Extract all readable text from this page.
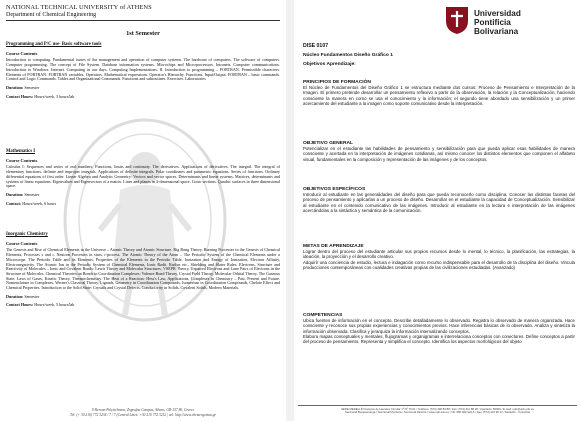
NATIONAL TECHNICAL UNIVERSITY of ATHENS
Department of Chemical Engineering
1st Semester
Programming and P/C use- Basic software tools
Course Contents
Introduction to computing. Fundamental issues of the management and operation of computer systems. The hardware of computers. The software of computers. Computer programming. The concept of File System. Database information systems. Microchips and Microprocessors. Intranets. Computer communications. Introduction to Windows. Internet. Computing in our days. Computing Implementations. II. Introduction to programming – FORTRAN. Permissible characters. Elements of FORTRAN. FORTRAN variables. Operators. Mathematical expressions. Operator's Hierarchy. Functions. Input/Output. FORTRAN – basic commands. Control and Logic Commands. Tables and Organizational Commands. Functions and subroutines. Exercises. Laboratories
Duration: Semester
Contact Hours: Hours/week, 3 hours/lab
Mathematics I
Course Contents
Calculus I: Sequences and series of real numbers. Functions, limits and continuity. The derivatives. Applications of derivatives. The integral. The integral of elementary functions, definite and improper integrals. Applications of definite integrals. Polar coordinates and parametric equations. Series of functions. Ordinary differential equations of first order. Linear Algebra and Analytic Geometry: Vectors and vector spaces. Determinants and linear systems. Matrices, determinants and systems of linear equations. Eigenvalues and Eigenvectors of a matrix. Lines and planes in 3-dimensional space. Conic sections. Quadric surfaces in three dimensional space.
Duration: Semester
Contact: Hours/week, 6 hours
Inorganic Chemistry
Course Contents
The Genesis and Rise of Chemical Elements in the Universe – Atomic Theory and Atomic Structure. Big Bang Theory, Burning Processes in the Genesis of Chemical Elements, Processes s and r, Neutron Processes in stars, r-process. The Atomic Theory of the Atom – The Periodic System of the Chemical Elements under a Microscope. The Periodic Table and its Elements, Properties of the Elements in the Periodic Table, Ionization and Energy of Ionization, Electron Affinity, Electronegativity. The Atomic Ion in the Periodic System of Chemical Elements, Ionic Radii. Radius etc., Shielding and Slater Rules. Electrons, Structure and Reactivity of Molecules – Ionic and Covalent Bonds: Lewis Theory and Molecular Structures, VSEPR Theory, Unpaired Electrons and Lone Pairs of Electrons in the Structure of Molecules. Chemical Theories on Bonds in Coordination Complexes: Valence Bond Theory, Crystal Field Theory, Molecular Orbital Theory. The Gaseous State: Laws of Gases, Kinetic Theory, Thermochemistry. The Heat of a Reaction: Hess's Law, Applications, Complexes in Chemistry – Past, Present and Future. Nomenclature in Complexes, Werner's Classical Theory, Ligands, Geometry in Coordination Compounds, Isomerism in Coordination Compounds, Chelate Effect and Chemical Properties. Introduction to the Solid State: Crystals and Crystal Defects, Conductivity in Solids, Covalent Solids, Modern Materials.
Duration: Semester
Contact Hours: Hours/week, 5 hours/lab
9 Heroon Polytechniou, Zografou Campus, Athens, GR-157 80, Greece
Tel: (+ 30 210) 772 3234 / 7 / 7 (Central Lines: +30 210 772 3212 | url: http://www.chemeng.ntua.gr
Universidad
Pontificia
Bolivariana
DISE 0107
Núcleo Fundamentos Diseño Gráfico 1
Objetivos Aprendizaje:
PRINCIPIOS DE FORMACIÓN
El Núcleo de Fundamentos del Diseño Gráfico 1 se estructura mediante dos cursos: Proceso de Pensamiento e Interpretación de la Imagen. El primero pretende desarrollar un pensamiento reflexivo a partir de la observación, la relación y la Conceptualización, haciendo consciente la manera en como se usa el conocimiento y la información; el segundo tiene abordado una sensibilización y un primer acercamiento del estudiante a la imagen como soporte comunicativo desde la interpretación.
OBJETIVO GENERAL
Potencializar en el estudiante las habilidades de pensamiento y sensibilización para que pueda aplicar esas habilidades de manera consciente y acertada en la interpretación de imágenes cotidianas, así mismo conocer los distintos elementos que componen el alfabeto visual, fundamentales en la composición y representación de las imágenes y de los conceptos.
OBJETIVOS ESPECÍFICOS
Introducir al estudiante en las generalidades del diseño para que pueda reconocerlo como disciplina. Conocer las distintas facetas del proceso de pensamiento y aplicarlas a un proceso de diseño. Desarrollar en el estudiante la capacidad de Conceptualización. Sensibilizar al estudiante en el contenido comunicativo de las imágenes. Introducir al estudiante en la lectura e interpretación de las imágenes acercándolas a la sintáctica y semántica de la comunicación.
METAS DE APRENDIZAJE
Lograr dentro del proceso del estudiante articular sus propios recursos desde lo mental, lo técnico, la planificación, las estrategias, la ideación, la proyección y el desarrollo creativo.
Adquirir una conciencia de estudio, lectura e indagación como recurso indispensable para el desarrollo de la disciplina del diseño. Vincula producciones contemporáneas con cualidades creativas propias de las civilizaciones estudiadas. (Avanzado)
COMPETENCIAS
Ubica fuentes de información en el concepto. Describe detalladamente lo observado. Registra lo observado de manera organizada. Hace consciente y reconoce sus propias experiencias y conocimientos previos. Hace inferencias básicas de lo observado. Analiza y sintetiza la información observada. Clasifica y jerarquiza la información internalizando conceptos.
Elabora mapas conceptuales y mentales, flujogramas y organigramas e interrelaciona conceptos con conectores. Define conceptos a partir del proceso de pensamiento. Representa y simplifica el concepto. Identifica los aspectos morfológicos del objeto
SEDE MEDELLÍN Campus de Laureles Circular 1ª Nº 70-01 / Teléfono: (574) 448 83 88 / Fax: (574) 411 88 28 / Apartado: 56006 / E-mail: upb@upb.edu.co
Seccional Bucaramanga / Seccional Montería / Seccional Palmira / www.upb.edu.co / Nit: 890.902.922-6 / Fax: (574) 415 90 12 / Medellín - Colombia
